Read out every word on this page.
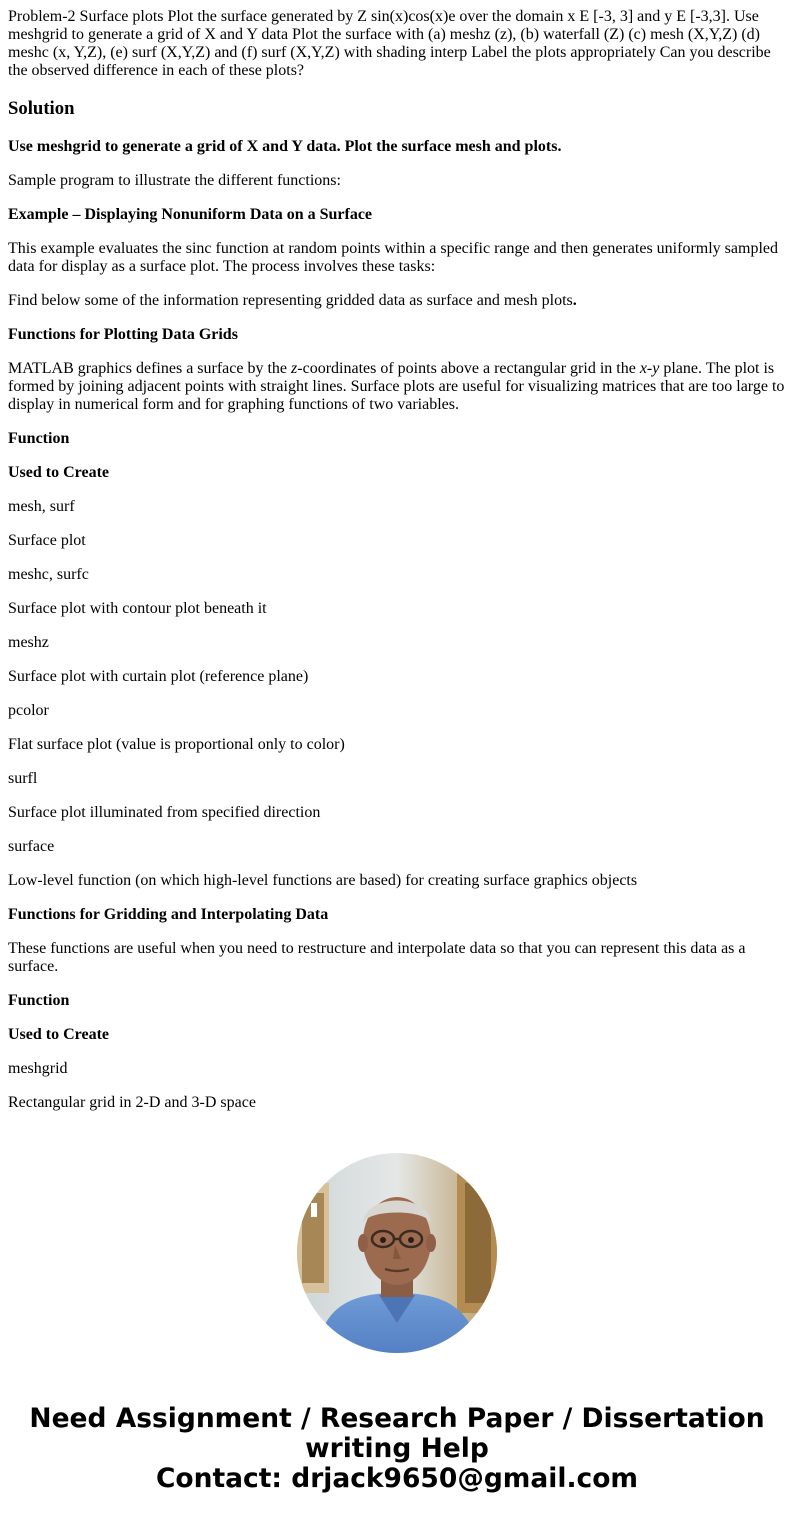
Problem-2 Surface plots Plot the surface generated by Z sin(x)cos(x)e over the domain x E [-3, 3] and y E [-3,3]. Use meshgrid to generate a grid of X and Y data Plot the surface with (a) meshz (z), (b) waterfall (Z) (c) mesh (X,Y,Z) (d) meshc (x, Y,Z), (e) surf (X,Y,Z) and (f) surf (X,Y,Z) with shading interp Label the plots appropriately Can you describe the observed difference in each of these plots?

Solution

Use meshgrid to generate a grid of X and Y data. Plot the surface mesh and plots.

Sample program to illustrate the different functions:

Example – Displaying Nonuniform Data on a Surface

This example evaluates the sinc function at random points within a specific range and then generates uniformly sampled data for display as a surface plot. The process involves these tasks:

Find below some of the information representing gridded data as surface and mesh plots.

Functions for Plotting Data Grids

MATLAB graphics defines a surface by the z-coordinates of points above a rectangular grid in the x-y plane. The plot is formed by joining adjacent points with straight lines. Surface plots are useful for visualizing matrices that are too large to display in numerical form and for graphing functions of two variables.

Function

Used to Create

mesh, surf

Surface plot

meshc, surfc

Surface plot with contour plot beneath it

meshz

Surface plot with curtain plot (reference plane)

pcolor

Flat surface plot (value is proportional only to color)

surfl

Surface plot illuminated from specified direction

surface

Low-level function (on which high-level functions are based) for creating surface graphics objects

Functions for Gridding and Interpolating Data

These functions are useful when you need to restructure and interpolate data so that you can represent this data as a surface.

Function

Used to Create

meshgrid

Rectangular grid in 2-D and 3-D space

Need Assignment / Research Paper / Dissertation
writing Help
Contact: drjack9650@gmail.com
